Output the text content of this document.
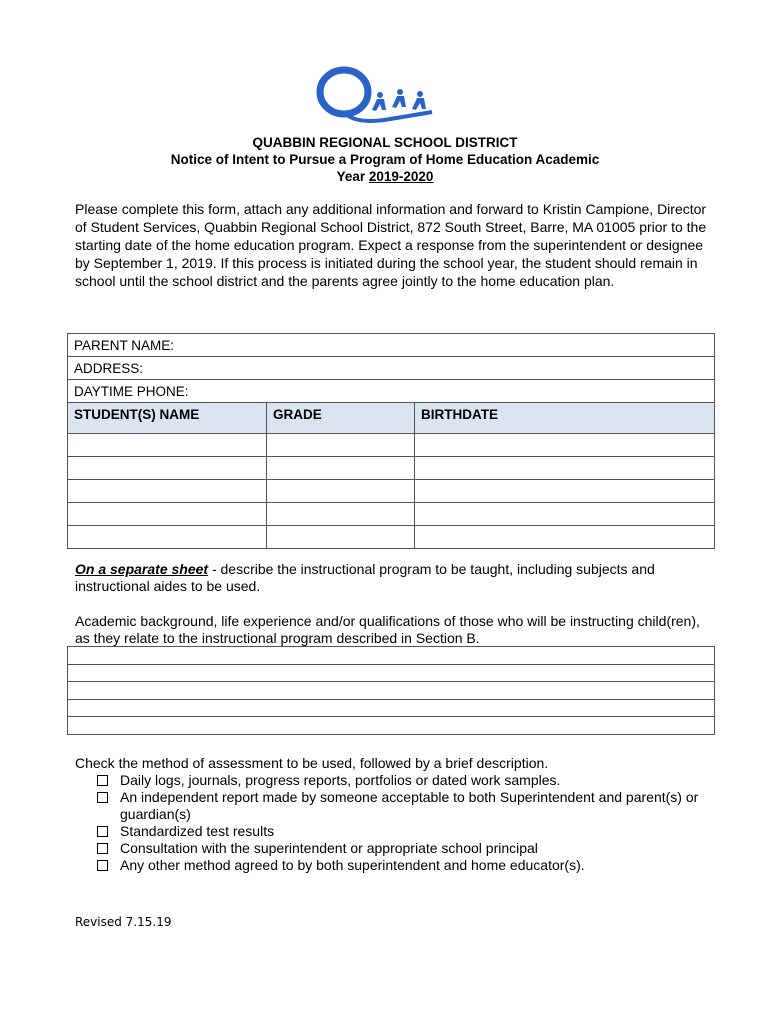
QUABBIN REGIONAL SCHOOL DISTRICT
Notice of Intent to Pursue a Program of Home Education Academic
Year 2019-2020

Please complete this form, attach any additional information and forward to Kristin Campione, Director of Student Services, Quabbin Regional School District, 872 South Street, Barre, MA 01005 prior to the starting date of the home education program. Expect a response from the superintendent or designee by September 1, 2019. If this process is initiated during the school year, the student should remain in school until the school district and the parents agree jointly to the home education plan.

PARENT NAME:		
ADDRESS:		
DAYTIME PHONE:		
STUDENT(S) NAME	GRADE	BIRTHDATE

On a separate sheet - describe the instructional program to be taught, including subjects and instructional aides to be used.
Academic background, life experience and/or qualifications of those who will be instructing child(ren), as they relate to the instructional program described in Section B.

Check the method of assessment to be used, followed by a brief description.
Daily logs, journals, progress reports, portfolios or dated work samples.
An independent report made by someone acceptable to both Superintendent and parent(s) or guardian(s)
Standardized test results
Consultation with the superintendent or appropriate school principal
Any other method agreed to by both superintendent and home educator(s).
Revised 7.15.19
